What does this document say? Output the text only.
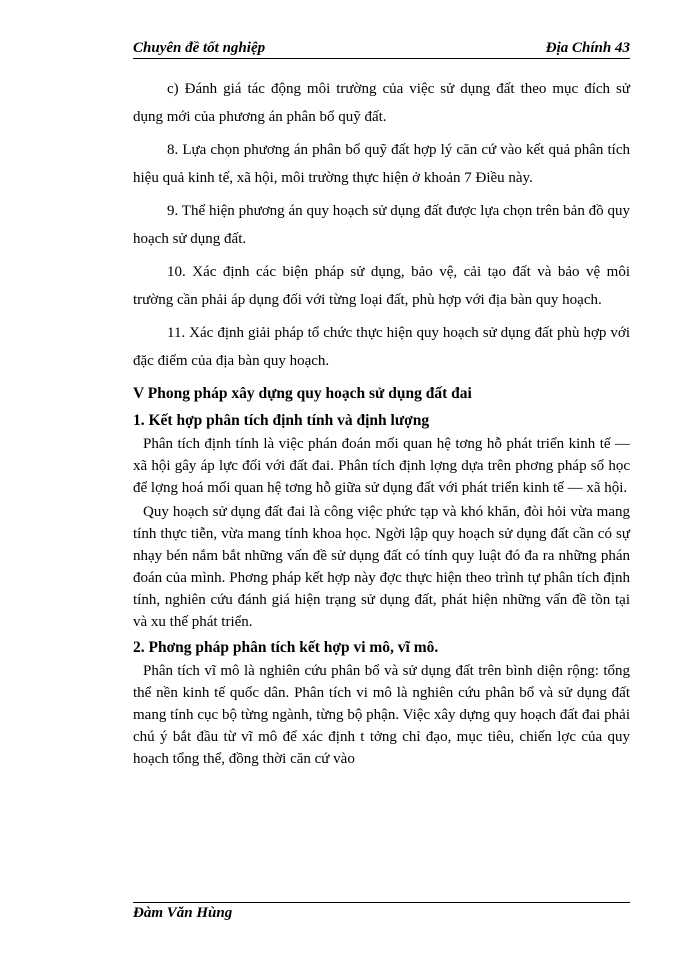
Chuyên đề tốt nghiệp	Địa Chính 43

c) Đánh giá tác động môi trường của việc sử dụng đất theo mục đích sử dụng mới của phương án phân bổ quỹ đất.

8. Lựa chọn phương án phân bổ quỹ đất hợp lý căn cứ vào kết quả phân tích hiệu quả kinh tế, xã hội, môi trường thực hiện ở khoản 7 Điều này.

9. Thể hiện phương án quy hoạch sử dụng đất được lựa chọn trên bản đồ quy hoạch sử dụng đất.

10. Xác định các biện pháp sử dụng, bảo vệ, cải tạo đất và bảo vệ môi trường cần phải áp dụng đối với từng loại đất, phù hợp với địa bàn quy hoạch.

11. Xác định giải pháp tổ chức thực hiện quy hoạch sử dụng đất phù hợp với đặc điểm của địa bàn quy hoạch.

V Phong pháp xây dựng quy hoạch sử dụng đất đai
1. Kết hợp phân tích định tính và định lượng

Phân tích định tính là việc phán đoán mối quan hệ tơng hỗ phát triển kinh tế — xã hội gây áp lực đối với đất đai. Phân tích định lợng dựa trên phơng pháp số học để lợng hoá mối quan hệ tơng hỗ giữa sử dụng đất với phát triển kinh tế — xã hội.

Quy hoạch sử dụng đất đai là công việc phức tạp và khó khăn, đòi hỏi vừa mang tính thực tiễn, vừa mang tính khoa học. Ngời lập quy hoạch sử dụng đất cần có sự nhạy bén nắm bắt những vấn đề sử dụng đất có tính quy luật đó đa ra những phán đoán của mình. Phơng pháp kết hợp này đợc thực hiện theo trình tự phân tích định tính, nghiên cứu đánh giá hiện trạng sử dụng đất, phát hiện những vấn đề tồn tại và xu thế phát triển.

2. Phơng pháp phân tích kết hợp vi mô, vĩ mô.

Phân tích vĩ mô là nghiên cứu phân bổ và sử dụng đất trên bình diện rộng: tổng thể nền kinh tế quốc dân. Phân tích vi mô là nghiên cứu phân bổ và sử dụng đất mang tính cục bộ từng ngành, từng bộ phận. Việc xây dựng quy hoạch đất đai phải chú ý bắt đầu từ vĩ mô để xác định t tởng chỉ đạo, mục tiêu, chiến lợc của quy hoạch tổng thể, đồng thời căn cứ vào

Đàm Văn Hùng
